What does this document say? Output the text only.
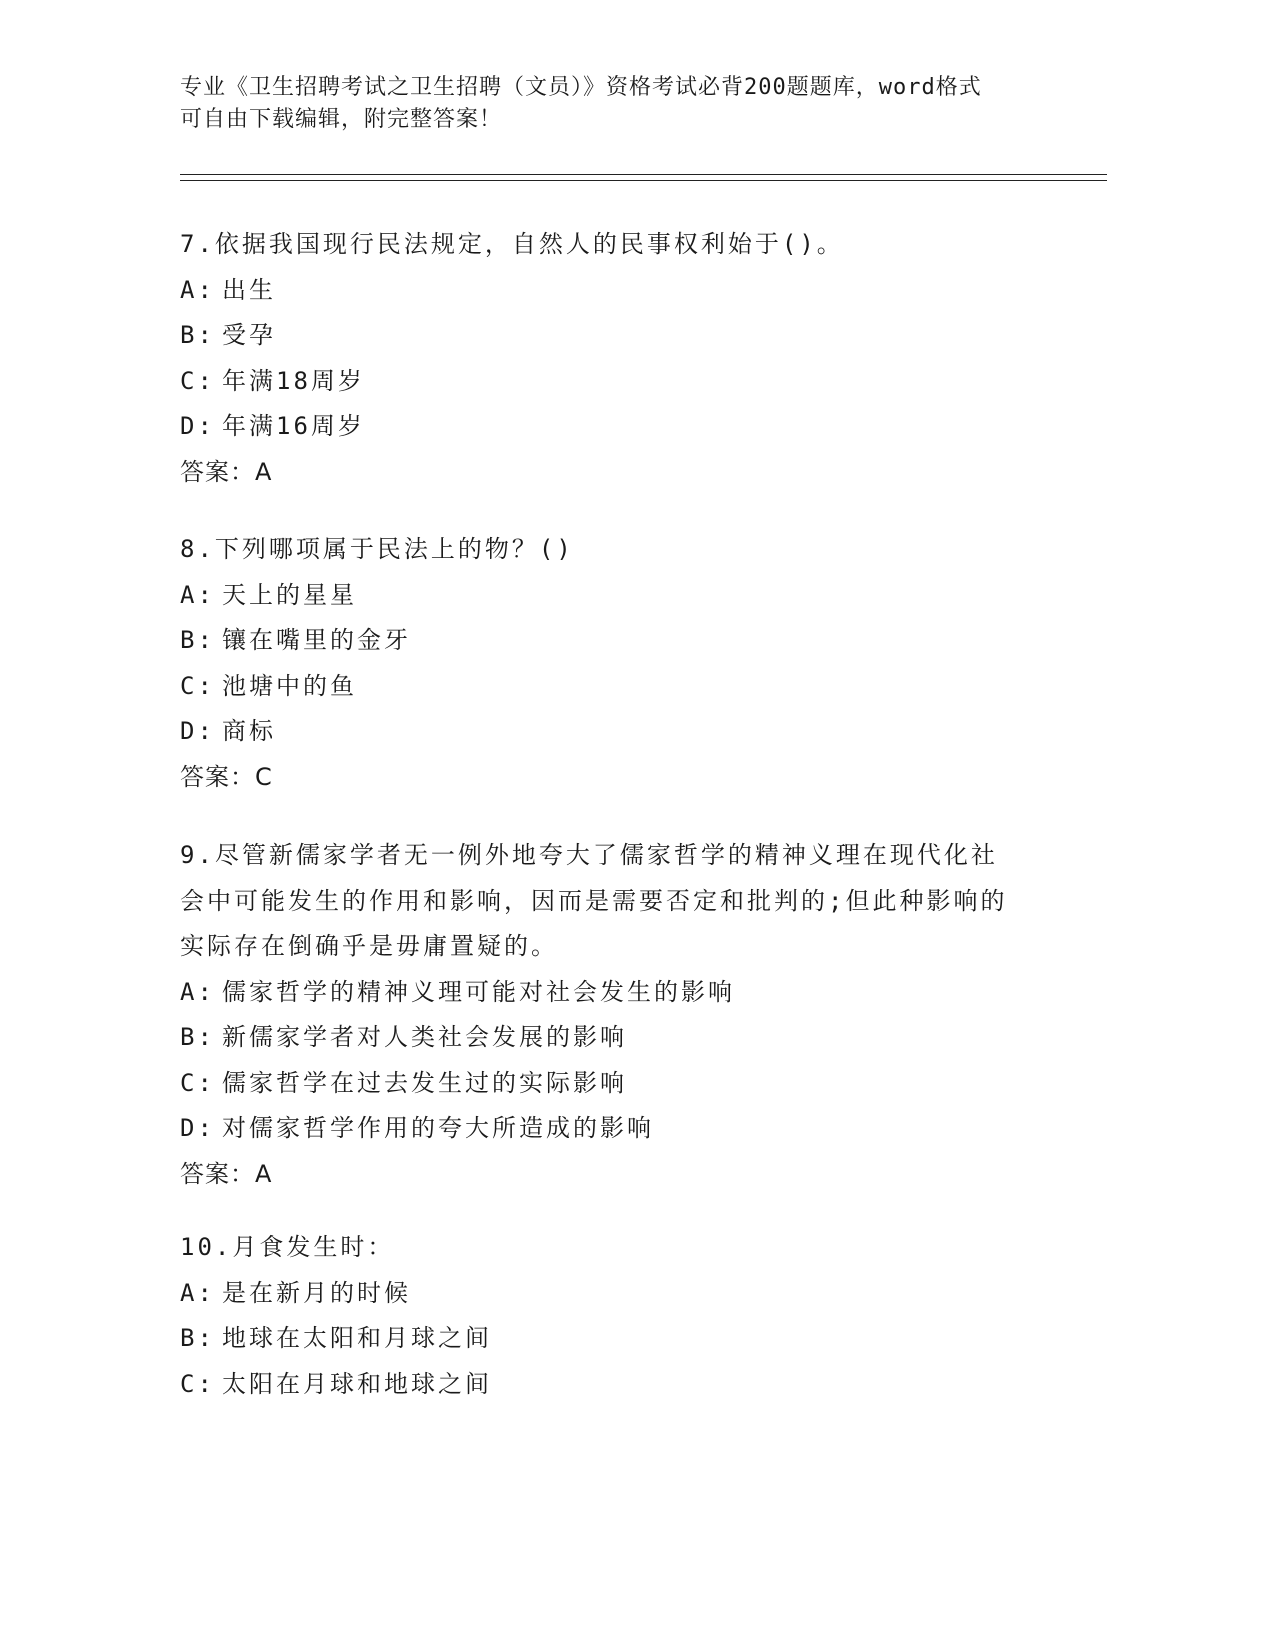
专业《卫生招聘考试之卫生招聘（文员）》资格考试必背200题题库，word格式
可自由下载编辑，附完整答案！
7.依据我国现行民法规定，自然人的民事权利始于()。
A: 出生
B: 受孕
C: 年满18周岁
D: 年满16周岁
答案：A
8.下列哪项属于民法上的物？()
A: 天上的星星
B: 镶在嘴里的金牙
C: 池塘中的鱼
D: 商标
答案：C
9.尽管新儒家学者无一例外地夸大了儒家哲学的精神义理在现代化社
会中可能发生的作用和影响，因而是需要否定和批判的;但此种影响的
实际存在倒确乎是毋庸置疑的。
A: 儒家哲学的精神义理可能对社会发生的影响
B: 新儒家学者对人类社会发展的影响
C: 儒家哲学在过去发生过的实际影响
D: 对儒家哲学作用的夸大所造成的影响
答案：A
10.月食发生时：
A: 是在新月的时候
B: 地球在太阳和月球之间
C: 太阳在月球和地球之间
